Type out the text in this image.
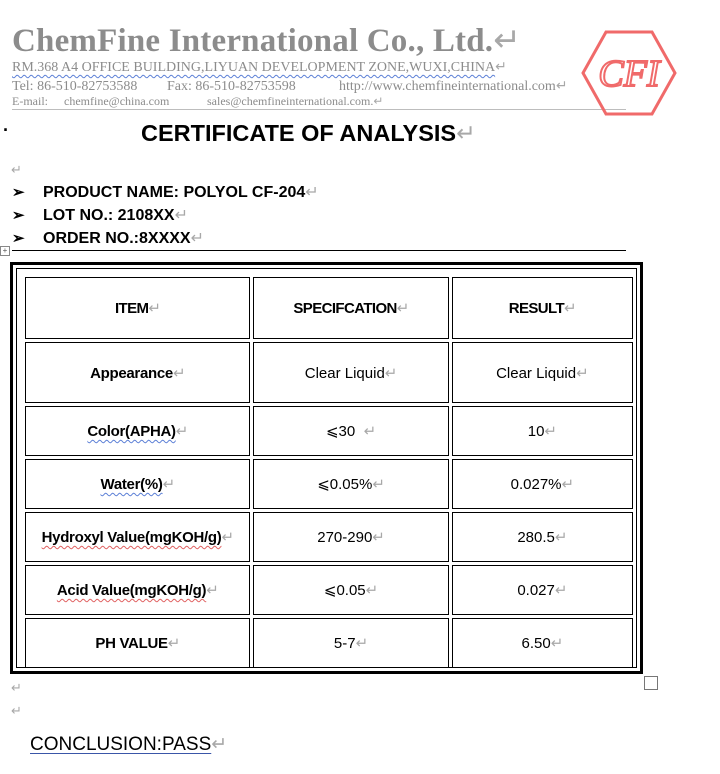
ChemFine International Co., Ltd.↵
RM.368 A4 OFFICE BUILDING,LIYUAN DEVELOPMENT ZONE,WUXI,CHINA↵
Tel: 86-510-82753588 Fax: 86-510-82753598	http://www.chemfineinternational.com↵
E-mail: chemfine@china.com	sales@chemfineinternational.com.↵
CFI
·	CERTIFICATE OF ANALYSIS↵
↵
➢ PRODUCT NAME: POLYOL CF-204↵
➢ LOT NO.: 2108XX↵
➢ ORDER NO.:8XXXX↵
+
ITEM↵	SPECIFCATION↵	RESULT↵
Appearance↵	Clear Liquid↵	Clear Liquid↵
Color(APHA)↵	⩽30 ↵	10↵
Water(%)↵	⩽0.05%↵	0.027%↵
Hydroxyl Value(mgKOH/g)↵	270-290↵	280.5↵
Acid Value(mgKOH/g)↵	⩽0.05↵	0.027↵
PH VALUE↵	5-7↵	6.50↵
↵
↵
CONCLUSION:PASS↵
